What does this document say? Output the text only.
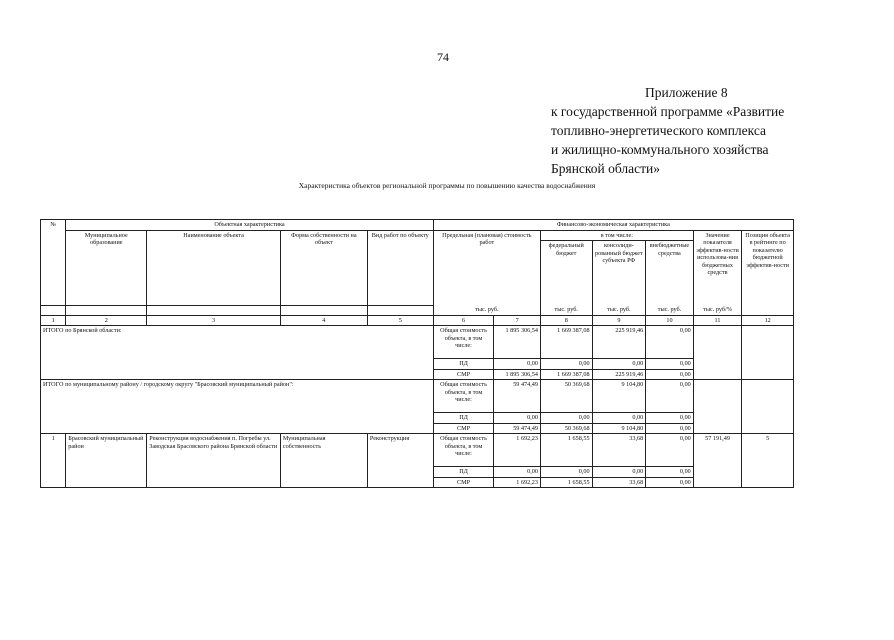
74
Приложение 8
к государственной программе «Развитие
топливно-энергетического комплекса
и жилищно-коммунального хозяйства
Брянской области»
Характеристика объектов региональной программы по повышению качества водоснабжения
№	Объектная характеристика				Финансово-экономическая характеристика						
	Муниципальное образование	Наименование объекта	Форма собственности на объект	Вид работ по объекту	Предельная (плановая) стоимость работ		в том числе:			Значение показателя эффектив-ности использова-ния бюджетных средств	Позиция объекта в рейтинге по показателю бюджетной эффектив-ности
							федеральный бюджет	консолиди-рованный бюджет субъекта РФ	внебюджетные средства		
					тыс. руб.		тыс. руб.	тыс. руб.	тыс. руб.	тыс. руб/%	
1	2	3	4	5	6	7	8	9	10	11	12
ИТОГО по Брянской области:					Общая стоимость объекта, в том числе:	1 895 306,54	1 669 387,08	225 919,46	0,00		
					ПД	0,00	0,00	0,00	0,00		
					СМР	1 895 306,54	1 669 387,08	225 919,46	0,00		
ИТОГО по муниципальному району / городскому округу "Брасовский муниципальный район":					Общая стоимость объекта, в том числе:	59 474,49	50 369,68	9 104,80	0,00		
					ПД	0,00	0,00	0,00	0,00		
					СМР	59 474,49	50 369,68	9 104,80	0,00		
1	Брасовский муниципальный район	Реконструкция водоснабжения п. Погребы ул. Заводская Брасовского района Брянской области	Муниципальная собственность	Реконструкция	Общая стоимость объекта, в том числе:	1 692,23	1 658,55	33,68	0,00	57 191,49	5
					ПД	0,00	0,00	0,00	0,00		
					СМР	1 692,23	1 658,55	33,68	0,00		
